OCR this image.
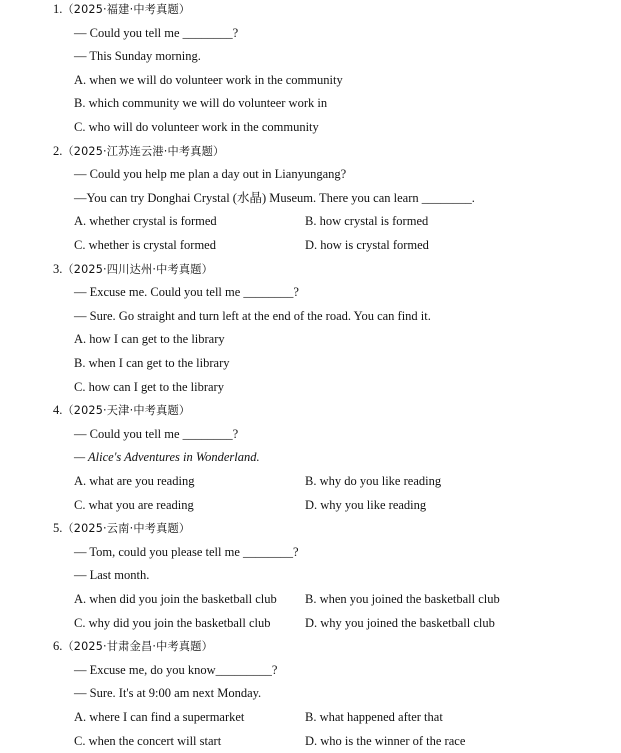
1.（2025·福建·中考真题）
— Could you tell me ________?
— This Sunday morning.
A. when we will do volunteer work in the community
B. which community we will do volunteer work in
C. who will do volunteer work in the community
2.（2025·江苏连云港·中考真题）
— Could you help me plan a day out in Lianyungang?
—You can try Donghai Crystal (水晶) Museum. There you can learn ________.
A. whether crystal is formed	B. how crystal is formed
C. whether is crystal formed	D. how is crystal formed
3.（2025·四川达州·中考真题）
— Excuse me. Could you tell me ________?
— Sure. Go straight and turn left at the end of the road. You can find it.
A. how I can get to the library
B. when I can get to the library
C. how can I get to the library
4.（2025·天津·中考真题）
— Could you tell me ________?
— Alice's Adventures in Wonderland.
A. what are you reading	B. why do you like reading
C. what you are reading	D. why you like reading
5.（2025·云南·中考真题）
— Tom, could you please tell me ________?
— Last month.
A. when did you join the basketball club B. when you joined the basketball club
C. why did you join the basketball club	D. why you joined the basketball club
6.（2025·甘肃金昌·中考真题）
— Excuse me, do you know_________?
— Sure. It's at 9:00 am next Monday.
A. where I can find a supermarket	B. what happened after that
C. when the concert will start	D. who is the winner of the race
